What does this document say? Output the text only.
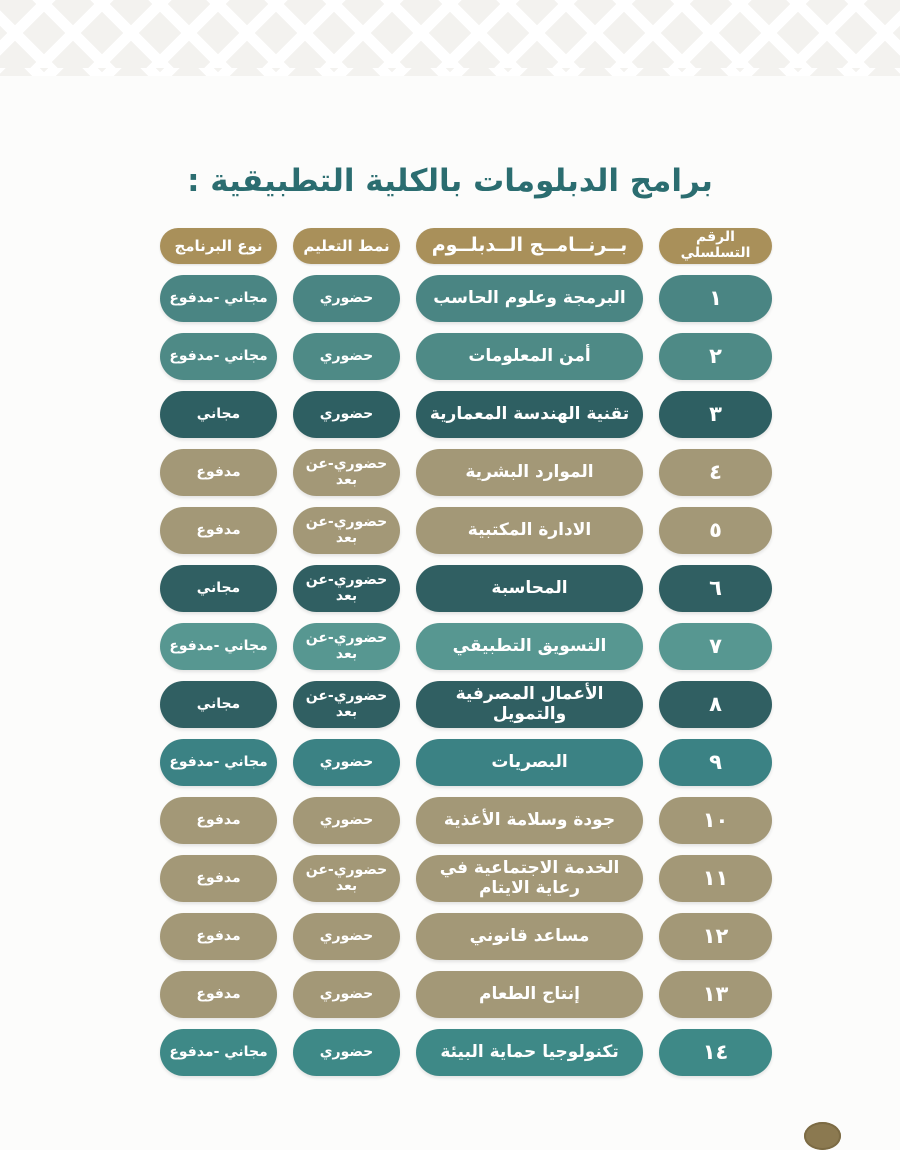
برامج الدبلومات بالكلية التطبيقية :
الرقم التسلسلي
بــرنــامــج الــدبلــوم
نمط التعليم
نوع البرنامج
١
البرمجة وعلوم الحاسب
حضوري
مجاني -مدفوع
٢
أمن المعلومات
حضوري
مجاني -مدفوع
٣
تقنية الهندسة المعمارية
حضوري
مجاني
٤
الموارد البشرية
حضوري-عن بعد
مدفوع
٥
الادارة المكتبية
حضوري-عن بعد
مدفوع
٦
المحاسبة
حضوري-عن بعد
مجاني
٧
التسويق التطبيقي
حضوري-عن بعد
مجاني -مدفوع
٨
الأعمال المصرفية والتمويل
حضوري-عن بعد
مجاني
٩
البصريات
حضوري
مجاني -مدفوع
١٠
جودة وسلامة الأغذية
حضوري
مدفوع
١١
الخدمة الاجتماعية في رعاية الايتام
حضوري-عن بعد
مدفوع
١٢
مساعد قانوني
حضوري
مدفوع
١٣
إنتاج الطعام
حضوري
مدفوع
١٤
تكنولوجيا حماية البيئة
حضوري
مجاني -مدفوع
